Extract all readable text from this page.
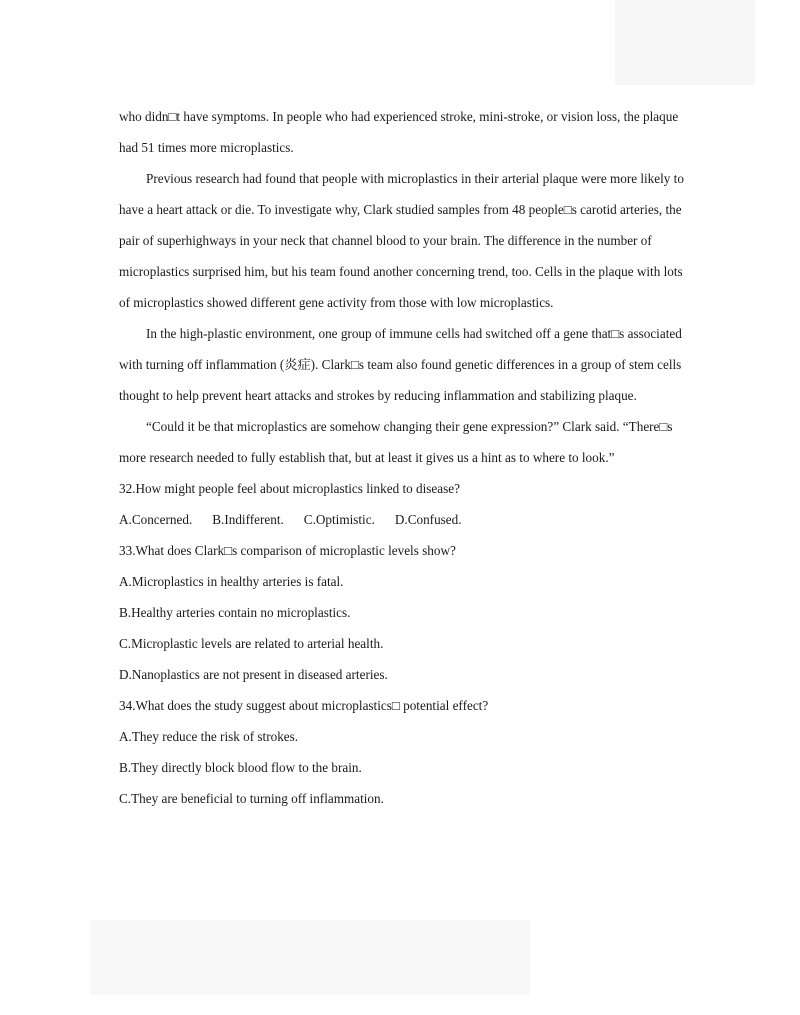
who didn□t have symptoms. In people who had experienced stroke, mini-stroke, or vision loss, the plaque had 51 times more microplastics.

Previous research had found that people with microplastics in their arterial plaque were more likely to have a heart attack or die. To investigate why, Clark studied samples from 48 people□s carotid arteries, the pair of superhighways in your neck that channel blood to your brain. The difference in the number of microplastics surprised him, but his team found another concerning trend, too. Cells in the plaque with lots of microplastics showed different gene activity from those with low microplastics.

In the high-plastic environment, one group of immune cells had switched off a gene that□s associated with turning off inflammation (炎症). Clark□s team also found genetic differences in a group of stem cells thought to help prevent heart attacks and strokes by reducing inflammation and stabilizing plaque.

“Could it be that microplastics are somehow changing their gene expression?” Clark said. “There□s more research needed to fully establish that, but at least it gives us a hint as to where to look.”

32.How might people feel about microplastics linked to disease?

A.Concerned. B.Indifferent. C.Optimistic. D.Confused.

33.What does Clark□s comparison of microplastic levels show?

A.Microplastics in healthy arteries is fatal.

B.Healthy arteries contain no microplastics.

C.Microplastic levels are related to arterial health.

D.Nanoplastics are not present in diseased arteries.

34.What does the study suggest about microplastics□ potential effect?

A.They reduce the risk of strokes.

B.They directly block blood flow to the brain.

C.They are beneficial to turning off inflammation.
